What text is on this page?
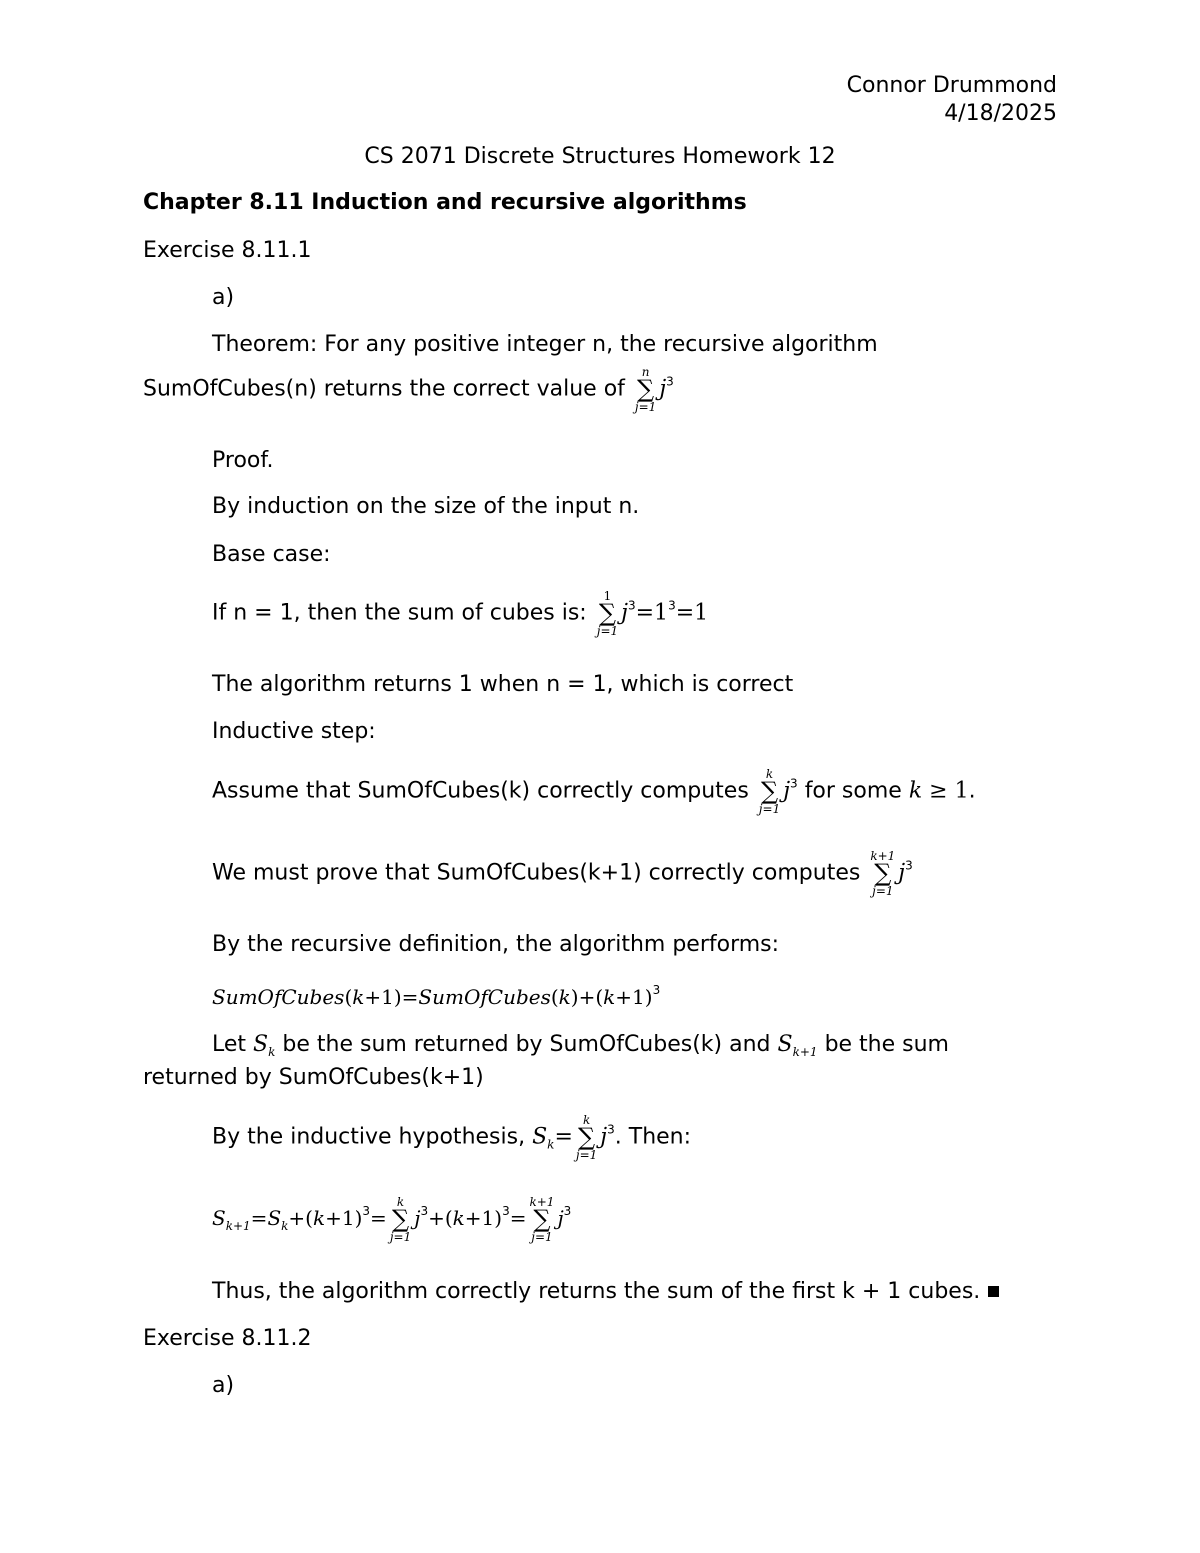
Connor Drummond
4/18/2025
CS 2071 Discrete Structures Homework 12
Chapter 8.11 Induction and recursive algorithms
Exercise 8.11.1
a)
Theorem: For any positive integer n, the recursive algorithm
SumOfCubes(n) returns the correct value of
n
∑
j=1
$j^3$
Proof.
By induction on the size of the input n.
Base case:
If n = 1, then the sum of cubes is:
1
∑
j=1
$j^3=1^3=1$
The algorithm returns 1 when n = 1, which is correct
Inductive step:
Assume that SumOfCubes(k) correctly computes
k
∑
j=1
$j^3$ for some k ≥ 1.
We must prove that SumOfCubes(k+1) correctly computes
k+1
∑
j=1
$j^3$
By the recursive definition, the algorithm performs:
$SumOfCubes(k+1)=SumOfCubes(k)+(k+1)^3$
Let $S_k$ be the sum returned by SumOfCubes(k) and $S_{k+1}$ be the sum
returned by SumOfCubes(k+1)
By the inductive hypothesis, $S_k=$
k
∑
j=1
$j^3$. Then:
$S_{k+1}=S_k+(k+1)^3=$
k
∑
j=1
$j^3+(k+1)^3=$
k+1
∑
j=1
$j^3$
Thus, the algorithm correctly returns the sum of the first k + 1 cubes.
Exercise 8.11.2
a)
